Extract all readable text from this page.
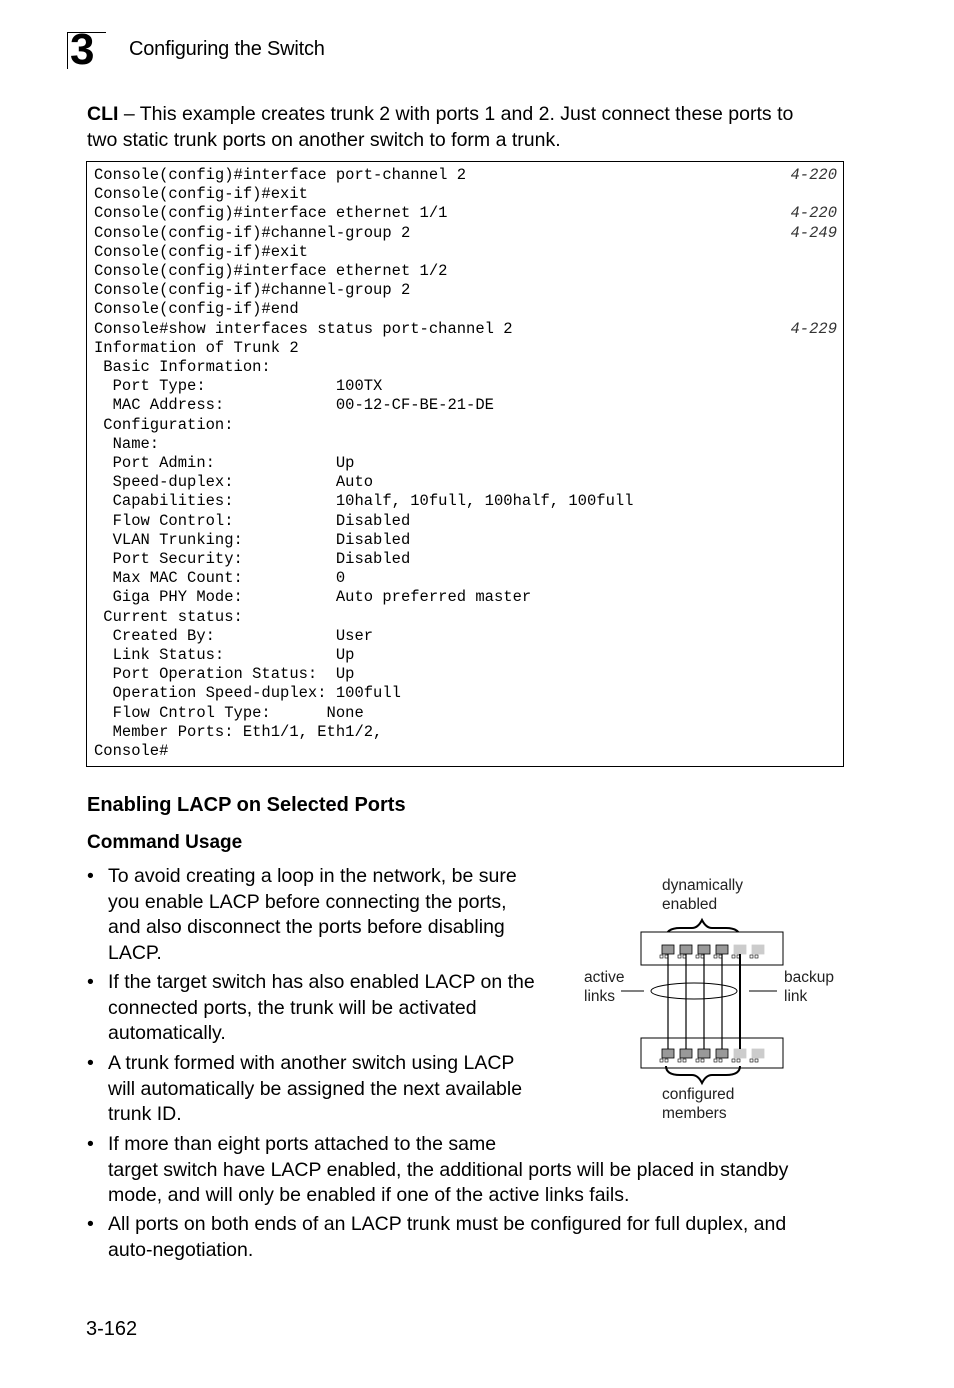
3 Configuring the Switch

CLI – This example creates trunk 2 with ports 1 and 2. Just connect these ports to
two static trunk ports on another switch to form a trunk.

Console(config)#interface port-channel 2	4-220
Console(config-if)#exit
Console(config)#interface ethernet 1/1	4-220
Console(config-if)#channel-group 2	4-249
Console(config-if)#exit
Console(config)#interface ethernet 1/2
Console(config-if)#channel-group 2
Console(config-if)#end
Console#show interfaces status port-channel 2	4-229
Information of Trunk 2
Basic Information:
Port Type:              100TX
MAC Address:            00-12-CF-BE-21-DE
Configuration:
Name:
Port Admin:             Up
Speed-duplex:           Auto
Capabilities:           10half, 10full, 100half, 100full
Flow Control:           Disabled
VLAN Trunking:          Disabled
Port Security:          Disabled
Max MAC Count:          0
Giga PHY Mode:          Auto preferred master
Current status:
Created By:             User
Link Status:            Up
Port Operation Status:  Up
Operation Speed-duplex: 100full
Flow Cntrol Type:      None
Member Ports: Eth1/1, Eth1/2,
Console#
Enabling LACP on Selected Ports
Command Usage
• To avoid creating a loop in the network, be sure
you enable LACP before connecting the ports,
and also disconnect the ports before disabling
LACP.
• If the target switch has also enabled LACP on the
connected ports, the trunk will be activated
automatically.
• A trunk formed with another switch using LACP
will automatically be assigned the next available
trunk ID.
• If more than eight ports attached to the same
target switch have LACP enabled, the additional ports will be placed in standby
mode, and will only be enabled if one of the active links fails.
• All ports on both ends of an LACP trunk must be configured for full duplex, and
auto-negotiation.
dynamically
enabled
active
links
backup
link
configured
members
3-162
